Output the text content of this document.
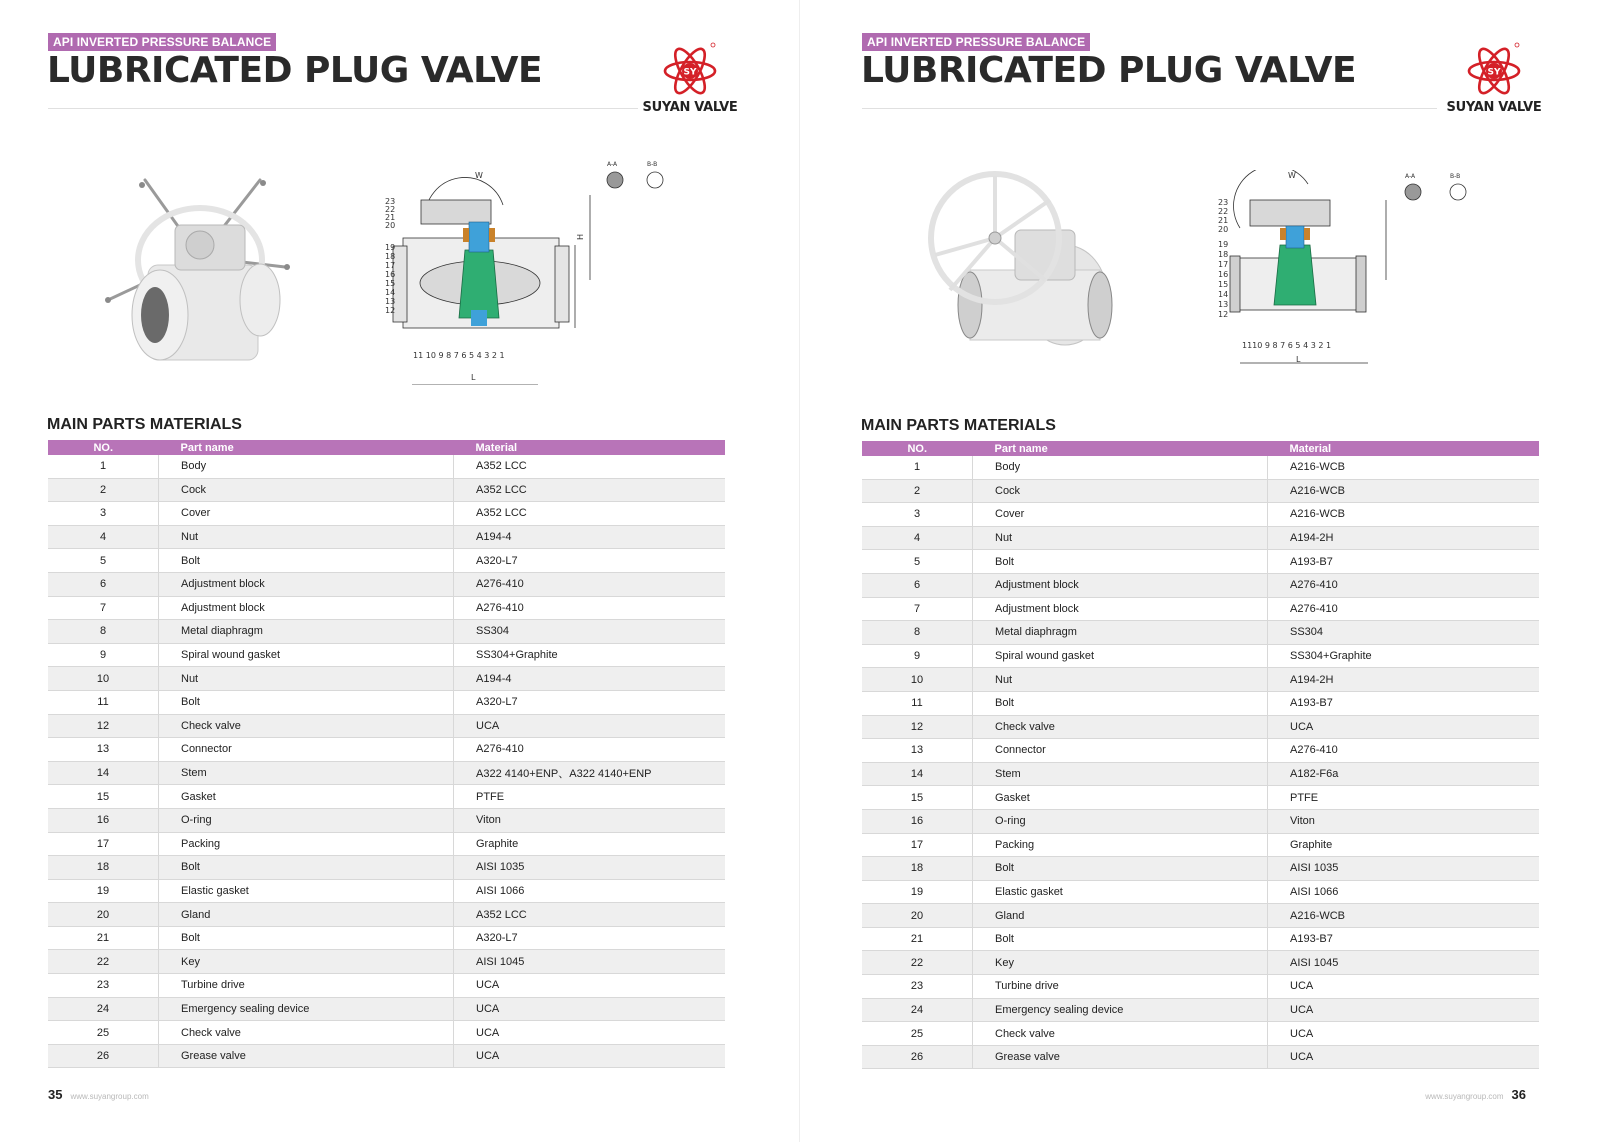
API INVERTED PRESSURE BALANCE
LUBRICATED PLUG VALVE	SY
SUYAN VALVE
W
H
23
22
21
20
19
18
17
16
15
14
13
12
11 10 9 8 7 6 5 4 3 2 1
L
A-A	B-B
MAIN PARTS MATERIALS
NO.	Part name	Material
1	Body	A352 LCC
2	Cock	A352 LCC
3	Cover	A352 LCC
4	Nut	A194-4
5	Bolt	A320-L7
6	Adjustment block	A276-410
7	Adjustment block	A276-410
8	Metal diaphragm	SS304
9	Spiral wound gasket	SS304+Graphite
10	Nut	A194-4
11	Bolt	A320-L7
12	Check valve	UCA
13	Connector	A276-410
14	Stem	A322 4140+ENP、A322 4140+ENP
15	Gasket	PTFE
16	O-ring	Viton
17	Packing	Graphite
18	Bolt	AISI 1035
19	Elastic gasket	AISI 1066
20	Gland	A352 LCC
21	Bolt	A320-L7
22	Key	AISI 1045
23	Turbine drive	UCA
24	Emergency sealing device	UCA
25	Check valve	UCA
26	Grease valve	UCA
35 www.suyangroup.com
API INVERTED PRESSURE BALANCE
LUBRICATED PLUG VALVE	SY
SUYAN VALVE
W
23
22
21
20
19
18
17
16
15
14
13
12
1110 9 8 7 6 5 4 3 2 1
L
A-A	B-B
MAIN PARTS MATERIALS
NO.	Part name	Material
1	Body	A216-WCB
2	Cock	A216-WCB
3	Cover	A216-WCB
4	Nut	A194-2H
5	Bolt	A193-B7
6	Adjustment block	A276-410
7	Adjustment block	A276-410
8	Metal diaphragm	SS304
9	Spiral wound gasket	SS304+Graphite
10	Nut	A194-2H
11	Bolt	A193-B7
12	Check valve	UCA
13	Connector	A276-410
14	Stem	A182-F6a
15	Gasket	PTFE
16	O-ring	Viton
17	Packing	Graphite
18	Bolt	AISI 1035
19	Elastic gasket	AISI 1066
20	Gland	A216-WCB
21	Bolt	A193-B7
22	Key	AISI 1045
23	Turbine drive	UCA
24	Emergency sealing device	UCA
25	Check valve	UCA
26	Grease valve	UCA
www.suyangroup.com 36
